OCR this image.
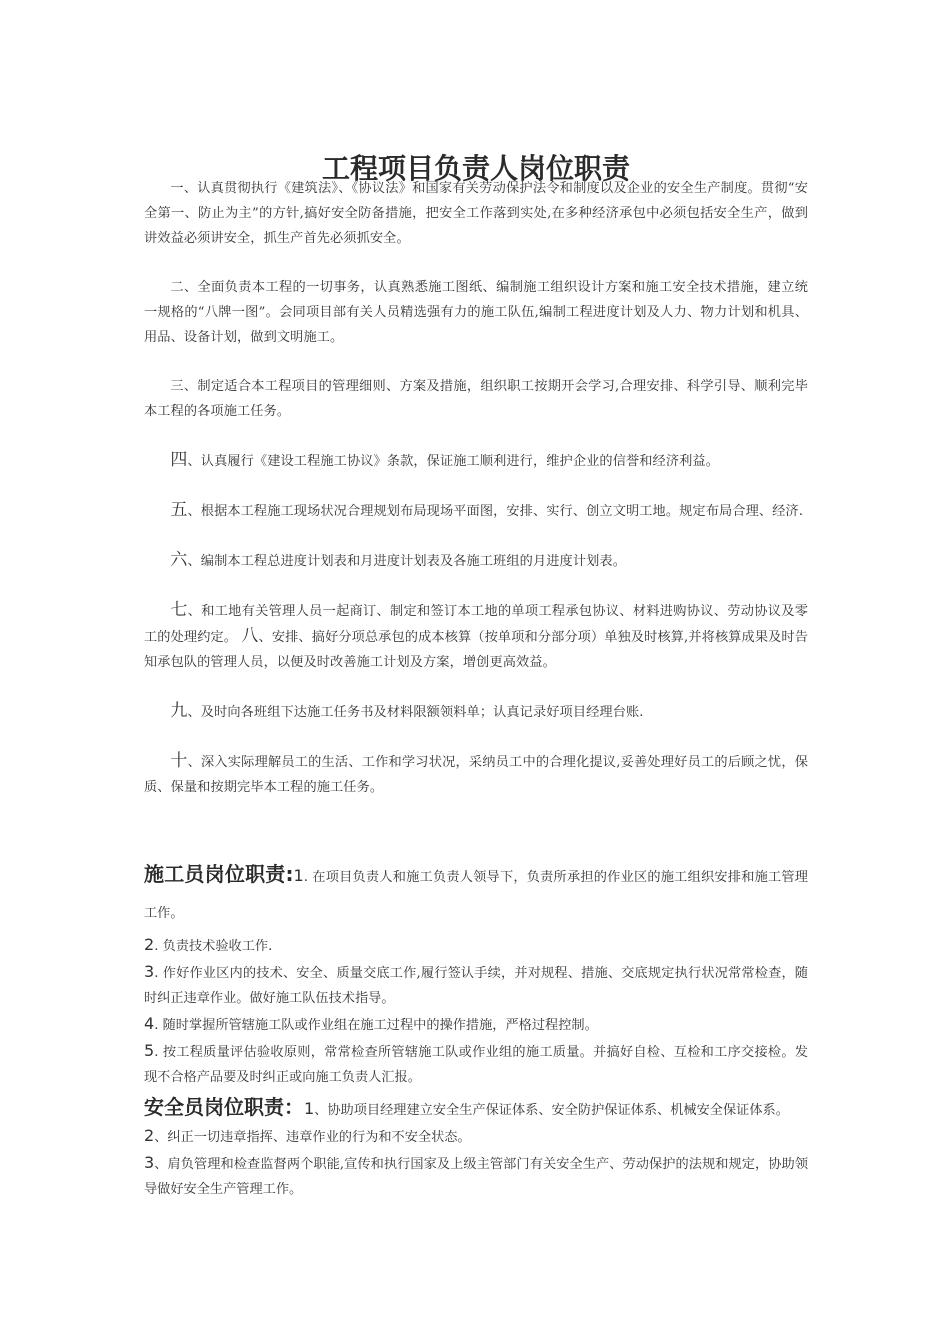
工程项目负责人岗位职责

一、认真贯彻执行《建筑法》、《协议法》和国家有关劳动保护法令和制度以及企业的安全生产制度。贯彻“安全第一、防止为主”的方针,搞好安全防备措施，把安全工作落到实处,在多种经济承包中必须包括安全生产，做到讲效益必须讲安全，抓生产首先必须抓安全。

二、全面负责本工程的一切事务，认真熟悉施工图纸、编制施工组织设计方案和施工安全技术措施，建立统一规格的“八牌一图”。会同项目部有关人员精选强有力的施工队伍,编制工程进度计划及人力、物力计划和机具、用品、设备计划，做到文明施工。

三、制定适合本工程项目的管理细则、方案及措施，组织职工按期开会学习,合理安排、科学引导、顺利完毕本工程的各项施工任务。

四、认真履行《建设工程施工协议》条款，保证施工顺利进行，维护企业的信誉和经济利益。

五、根据本工程施工现场状况合理规划布局现场平面图，安排、实行、创立文明工地。规定布局合理、经济.

六、编制本工程总进度计划表和月进度计划表及各施工班组的月进度计划表。

七、和工地有关管理人员一起商订、制定和签订本工地的单项工程承包协议、材料进购协议、劳动协议及零工的处理约定。 八、安排、搞好分项总承包的成本核算（按单项和分部分项）单独及时核算,并将核算成果及时告知承包队的管理人员，以便及时改善施工计划及方案，增创更高效益。

九、及时向各班组下达施工任务书及材料限额领料单；认真记录好项目经理台账.

十、深入实际理解员工的生活、工作和学习状况，采纳员工中的合理化提议,妥善处理好员工的后顾之忧，保质、保量和按期完毕本工程的施工任务。

施工员岗位职责:1. 在项目负责人和施工负责人领导下，负责所承担的作业区的施工组织安排和施工管理工作。

2. 负责技术验收工作.

3. 作好作业区内的技术、安全、质量交底工作,履行签认手续，并对规程、措施、交底规定执行状况常常检查，随时纠正违章作业。做好施工队伍技术指导。

4. 随时掌握所管辖施工队或作业组在施工过程中的操作措施，严格过程控制。

5. 按工程质量评估验收原则，常常检查所管辖施工队或作业组的施工质量。并搞好自检、互检和工序交接检。发现不合格产品要及时纠正或向施工负责人汇报。

安全员岗位职责：1、协助项目经理建立安全生产保证体系、安全防护保证体系、机械安全保证体系。

2、纠正一切违章指挥、违章作业的行为和不安全状态。

3、肩负管理和检查监督两个职能,宣传和执行国家及上级主管部门有关安全生产、劳动保护的法规和规定，协助领导做好安全生产管理工作。
